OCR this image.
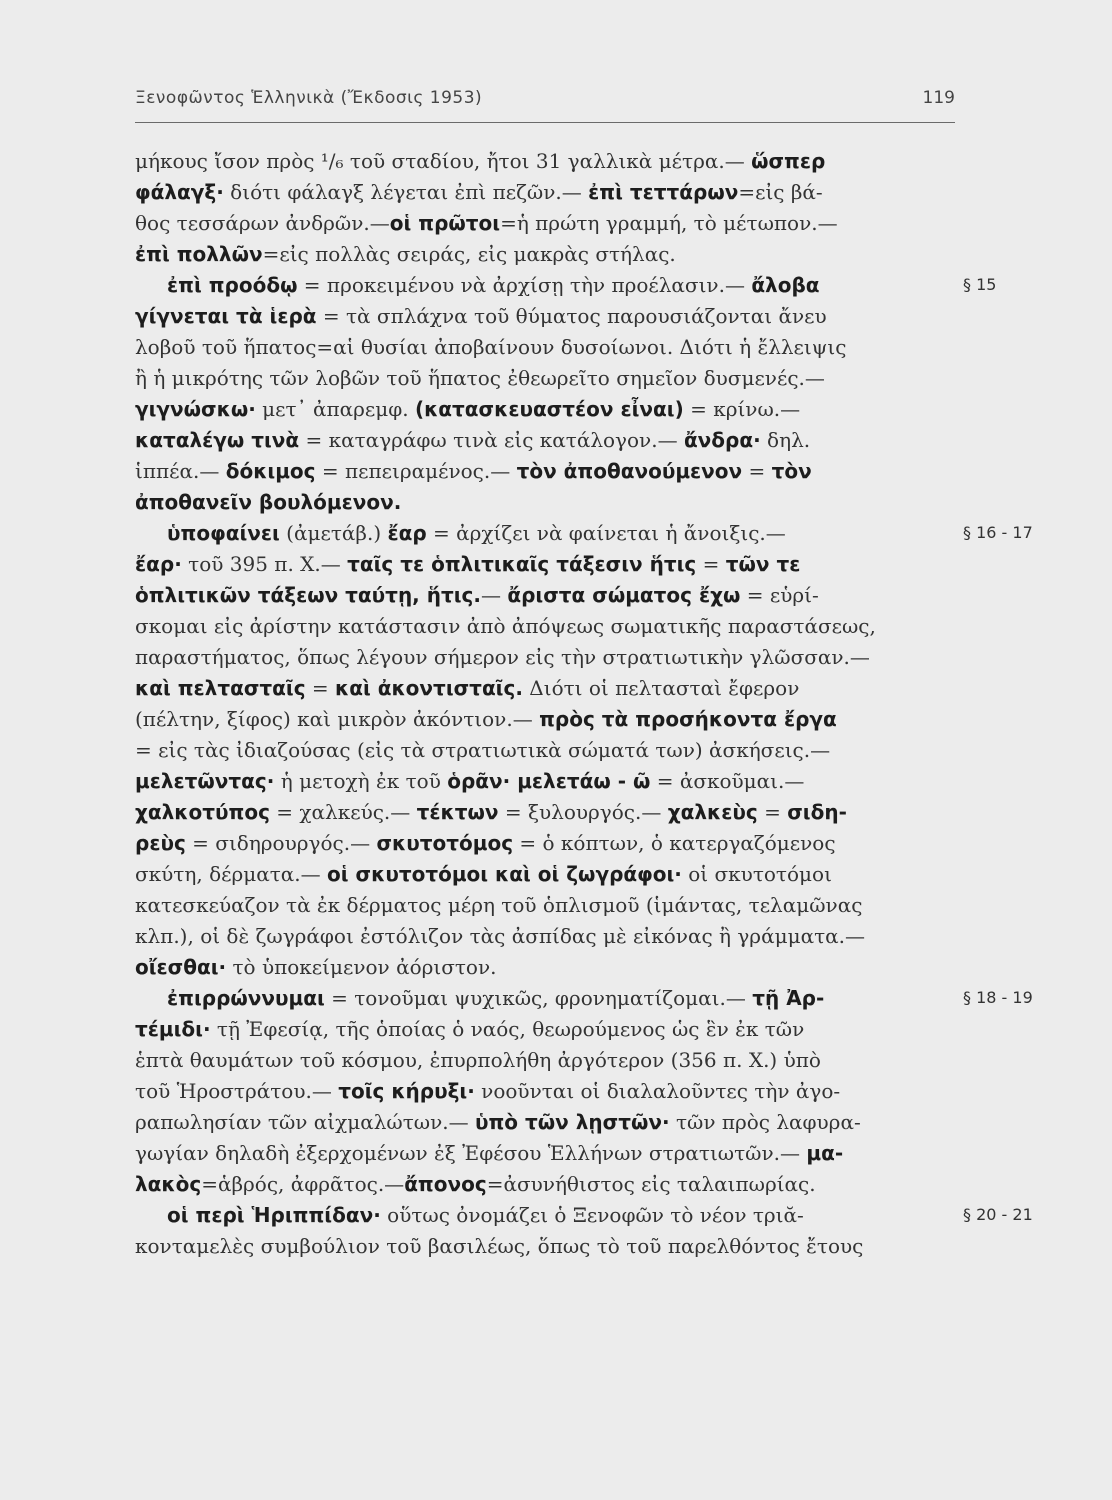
Ξενοφῶντος Ἑλληνικὰ (Ἔκδοσις 1953)	119
μήκους ἴσον πρὸς ¹/₆ τοῦ σταδίου, ἤτοι 31 γαλλικὰ μέτρα.— ὥσπερ
φάλαγξ· διότι φάλαγξ λέγεται ἐπὶ πεζῶν.— ἐπὶ τεττάρων=εἰς βά-
θος τεσσάρων ἀνδρῶν.—οἱ πρῶτοι=ἡ πρώτη γραμμή, τὸ μέτωπον.—
ἐπὶ πολλῶν=εἰς πολλὰς σειράς, εἰς μακρὰς στήλας.
ἐπὶ προόδῳ = προκειμένου νὰ ἀρχίσῃ τὴν προέλασιν.— ἄλοβα
γίγνεται τὰ ἱερὰ = τὰ σπλάχνα τοῦ θύματος παρουσιάζονται ἄνευ
λοβοῦ τοῦ ἥπατος=αἱ θυσίαι ἀποβαίνουν δυσοίωνοι. Διότι ἡ ἔλλειψις
ἢ ἡ μικρότης τῶν λοβῶν τοῦ ἥπατος ἐθεωρεῖτο σημεῖον δυσμενές.—
γιγνώσκω· μετ᾽ ἀπαρεμφ. (κατασκευαστέον εἶναι) = κρίνω.—
καταλέγω τινὰ = καταγράφω τινὰ εἰς κατάλογον.— ἄνδρα· δηλ.
ἱππέα.— δόκιμος = πεπειραμένος.— τὸν ἀποθανούμενον = τὸν
ἀποθανεῖν βουλόμενον.
ὑποφαίνει (ἀμετάβ.) ἔαρ = ἀρχίζει νὰ φαίνεται ἡ ἄνοιξις.—
ἔαρ· τοῦ 395 π. Χ.— ταῖς τε ὁπλιτικαῖς τάξεσιν ἥτις = τῶν τε
ὁπλιτικῶν τάξεων ταύτῃ, ἥτις.— ἄριστα σώματος ἔχω = εὑρί-
σκομαι εἰς ἀρίστην κατάστασιν ἀπὸ ἀπόψεως σωματικῆς παραστάσεως,
παραστήματος, ὅπως λέγουν σήμερον εἰς τὴν στρατιωτικὴν γλῶσσαν.—
καὶ πελτασταῖς = καὶ ἀκοντισταῖς. Διότι οἱ πελτασταὶ ἔφερον
(πέλτην, ξίφος) καὶ μικρὸν ἀκόντιον.— πρὸς τὰ προσήκοντα ἔργα
= εἰς τὰς ἰδιαζούσας (εἰς τὰ στρατιωτικὰ σώματά των) ἀσκήσεις.—
μελετῶντας· ἡ μετοχὴ ἐκ τοῦ ὁρᾶν· μελετάω - ῶ = ἀσκοῦμαι.—
χαλκοτύπος = χαλκεύς.— τέκτων = ξυλουργός.— χαλκεὺς = σιδη-
ρεὺς = σιδηρουργός.— σκυτοτόμος = ὁ κόπτων, ὁ κατεργαζόμενος
σκύτη, δέρματα.— οἱ σκυτοτόμοι καὶ οἱ ζωγράφοι· οἱ σκυτοτόμοι
κατεσκεύαζον τὰ ἐκ δέρματος μέρη τοῦ ὁπλισμοῦ (ἱμάντας, τελαμῶνας
κλπ.), οἱ δὲ ζωγράφοι ἐστόλιζον τὰς ἀσπίδας μὲ εἰκόνας ἢ γράμματα.—
οἴεσθαι· τὸ ὑποκείμενον ἀόριστον.
ἐπιρρώννυμαι = τονοῦμαι ψυχικῶς, φρονηματίζομαι.— τῇ Ἀρ-
τέμιδι· τῇ Ἐφεσίᾳ, τῆς ὁποίας ὁ ναός, θεωρούμενος ὡς ἓν ἐκ τῶν
ἑπτὰ θαυμάτων τοῦ κόσμου, ἐπυρπολήθη ἀργότερον (356 π. Χ.) ὑπὸ
τοῦ Ἡροστράτου.— τοῖς κήρυξι· νοοῦνται οἱ διαλαλοῦντες τὴν ἀγο-
ραπωλησίαν τῶν αἰχμαλώτων.— ὑπὸ τῶν λῃστῶν· τῶν πρὸς λαφυρα-
γωγίαν δηλαδὴ ἐξερχομένων ἐξ Ἐφέσου Ἑλλήνων στρατιωτῶν.— μα-
λακὸς=ἁβρός, ἀφρᾶτος.—ἄπονος=ἀσυνήθιστος εἰς ταλαιπωρίας.
οἱ περὶ Ἡριππίδαν· οὕτως ὀνομάζει ὁ Ξενοφῶν τὸ νέον τριᾰ-
κονταμελὲς συμβούλιον τοῦ βασιλέως, ὅπως τὸ τοῦ παρελθόντος ἔτους
§ 15
§ 16 - 17
§ 18 - 19
§ 20 - 21
